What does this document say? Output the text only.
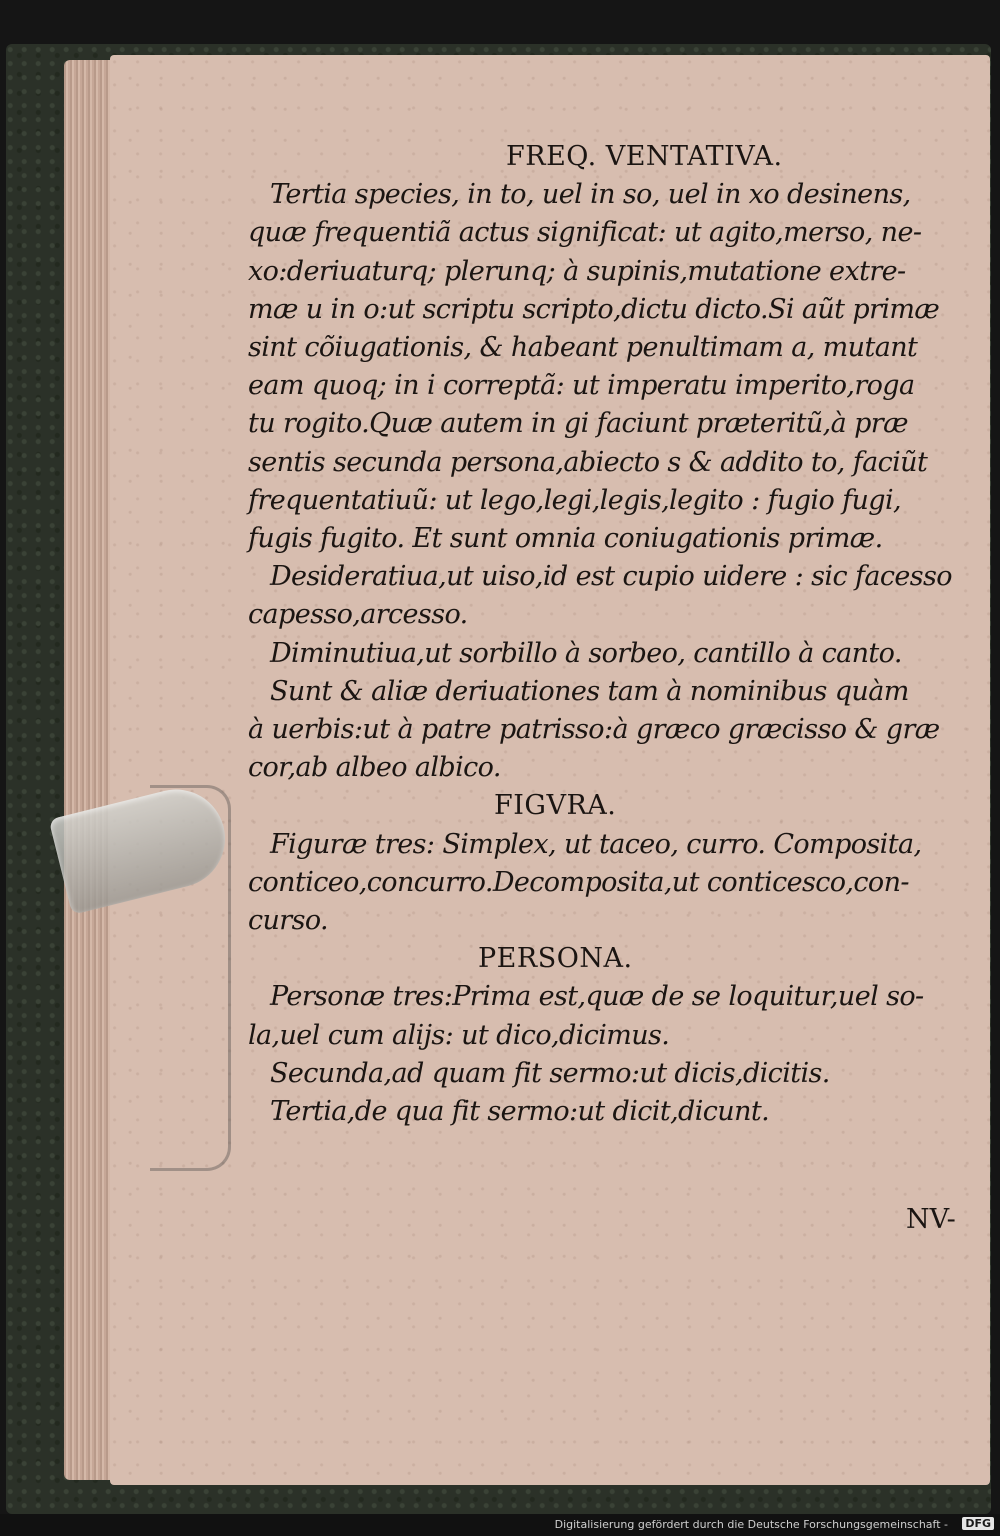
FREQ. VENTATIVA.

Tertia species, in to, uel in so, uel in xo desinens,

quæ frequentiã actus significat: ut agito,merso, ne-

xo:deriuaturq; plerunq; à supinis,mutatione extre-

mæ u in o:ut scriptu scripto,dictu dicto.Si aũt primæ

sint cõiugationis, & habeant penultimam a, mutant

eam quoq; in i correptã: ut imperatu imperito,roga

tu rogito.Quæ autem in gi faciunt præteritũ,à præ

sentis secunda persona,abiecto s & addito to, faciũt

frequentatiuũ: ut lego,legi,legis,legito : fugio fugi,

fugis fugito. Et sunt omnia coniugationis primæ.

Desideratiua,ut uiso,id est cupio uidere : sic facesso

capesso,arcesso.

Diminutiua,ut sorbillo à sorbeo, cantillo à canto.

Sunt & aliæ deriuationes tam à nominibus quàm

à uerbis:ut à patre patrisso:à græco græcisso & græ

cor,ab albeo albico.

FIGVRA.

Figuræ tres: Simplex, ut taceo, curro. Composita,

conticeo,concurro.Decomposita,ut conticesco,con-

curso.

PERSONA.

Personæ tres:Prima est,quæ de se loquitur,uel so-

la,uel cum alijs: ut dico,dicimus.

Secunda,ad quam fit sermo:ut dicis,dicitis.

Tertia,de qua fit sermo:ut dicit,dicunt.

NV-
Digitalisierung gefördert durch die Deutsche Forschungsgemeinschaft - DFG
